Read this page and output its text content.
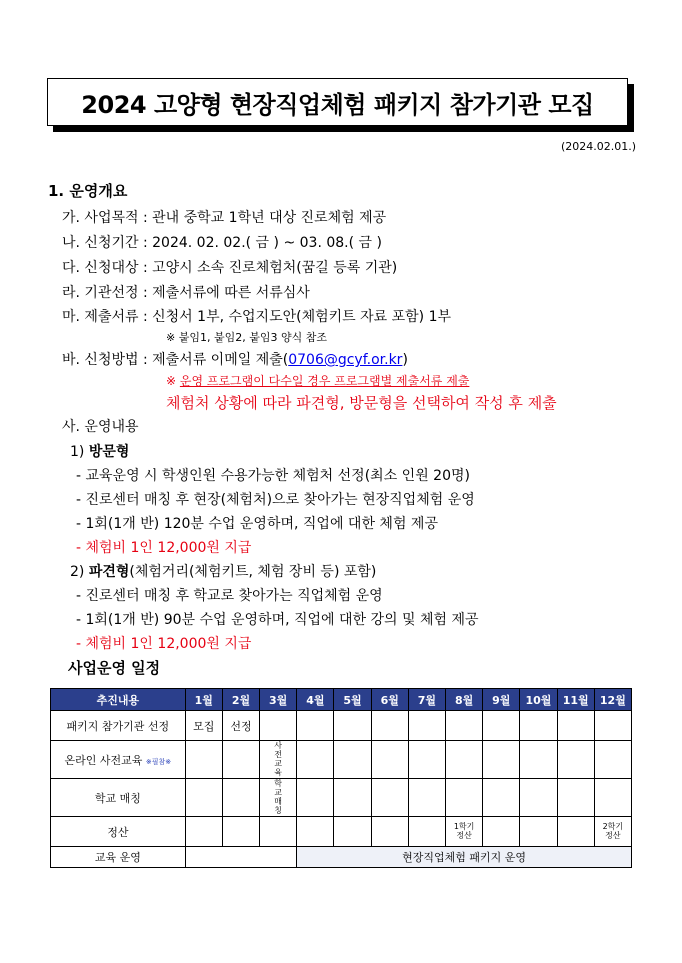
2024 고양형 현장직업체험 패키지 참가기관 모집
(2024.02.01.)
1. 운영개요
가. 사업목적 : 관내 중학교 1학년 대상 진로체험 제공
나. 신청기간 : 2024. 02. 02.( 금 ) ~ 03. 08.( 금 )
다. 신청대상 : 고양시 소속 진로체험처(꿈길 등록 기관)
라. 기관선정 : 제출서류에 따른 서류심사
마. 제출서류 : 신청서 1부, 수업지도안(체험키트 자료 포함) 1부
※ 붙임1, 붙임2, 붙임3 양식 참조
바. 신청방법 : 제출서류 이메일 제출(0706@gcyf.or.kr)
※ 운영 프로그램이 다수일 경우 프로그램별 제출서류 제출
체험처 상황에 따라 파견형, 방문형을 선택하여 작성 후 제출
사. 운영내용
1) 방문형
- 교육운영 시 학생인원 수용가능한 체험처 선정(최소 인원 20명)
- 진로센터 매칭 후 현장(체험처)으로 찾아가는 현장직업체험 운영
- 1회(1개 반) 120분 수업 운영하며, 직업에 대한 체험 제공
- 체험비 1인 12,000원 지급
2) 파견형(체험거리(체험키트, 체험 장비 등) 포함)
- 진로센터 매칭 후 학교로 찾아가는 직업체험 운영
- 1회(1개 반) 90분 수업 운영하며, 직업에 대한 강의 및 체험 제공
- 체험비 1인 12,000원 지급
사업운영 일정
추진내용	1월	2월	3월	4월	5월	6월	7월	8월	9월	10월	11월	12월
패키지 참가기관 선정	모집	선정										
온라인 사전교육 ※필참※			사전교육									
학교 매칭			학교매칭									
정산								1학기 정산				2학기 정산
교육 운영				현장직업체험 패키지 운영								
